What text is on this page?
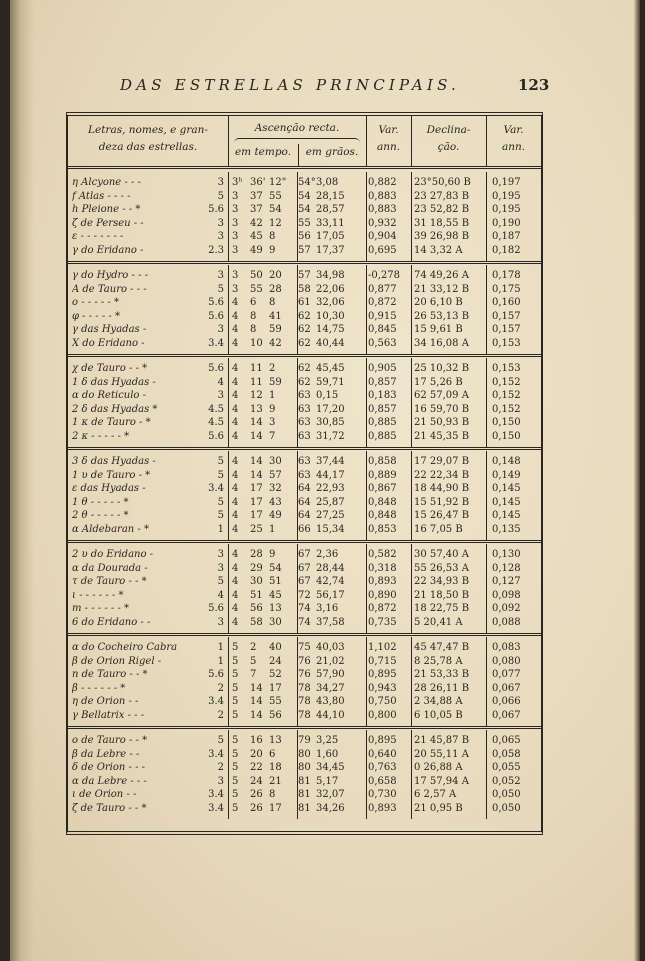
DAS ESTRELLAS PRINCIPAIS.	123
Letras, nomes, e gran-
deza das estrellas.
Ascenção recta.
em tempo.	em grãos.
Var.
ann.
Declina-
ção.
Var.
ann.
η Alcyone - - -	3 3ʰ 36' 12"	54° 3,08	0,882	23°50,60 B	0,197
f Atlas - - - -	5 3	37 55	54 28,15	0,883	23 27,83 B	0,195
h Pleione - - *	5.6 3	37 54	54 28,57	0,883	23 52,82 B	0,195
ζ de Perseu - -	3 3	42 12	55 33,11	0,932	31 18,55 B	0,190
ε - - - - - - -	3 3	45 8	56 17,05	0,904	39 26,98 B	0,187
γ do Eridano -	2.3 3	49 9	57 17,37	0,695	14 3,32 A	0,182
γ do Hydro - - -	3 3	50 20	57 34,98	-0,278	74 49,26 A	0,178
A de Tauro - - -	5 3	55 28	58 22,06	0,877	21 33,12 B	0,175
ο - - - - - *	5.6 4	6	8	61 32,06	0,872	20 6,10 B	0,160
φ - - - - - *	5.6 4	8	41	62 10,30	0,915	26 53,13 B	0,157
γ das Hyadas -	3 4	8	59	62 14,75	0,845	15 9,61 B	0,157
X do Eridano -	3.4 4	10 42	62 40,44	0,563	34 16,08 A	0,153
χ de Tauro - - *	5.6 4	11 2	62 45,45	0,905	25 10,32 B	0,153
1 δ das Hyadas -	4 4	11 59	62 59,71	0,857	17 5,26 B	0,152
α do Reticulo -	3 4	12 1	63 0,15	0,183	62 57,09 A	0,152
2 δ das Hyadas *	4.5 4	13 9	63 17,20	0,857	16 59,70 B	0,152
1 κ de Tauro - *	4.5 4	14 3	63 30,85	0,885	21 50,93 B	0,150
2 κ - - - - - *	5.6 4	14 7	63 31,72	0,885	21 45,35 B	0,150
3 δ das Hyadas -	5 4	14 30	63 37,44	0,858	17 29,07 B	0,148
1 υ de Tauro - *	5 4	14 57	63 44,17	0,889	22 22,34 B	0,149
ε das Hyadas -	3.4 4	17 32	64 22,93	0,867	18 44,90 B	0,145
1 θ - - - - - *	5 4	17 43	64 25,87	0,848	15 51,92 B	0,145
2 θ - - - - - *	5 4	17 49	64 27,25	0,848	15 26,47 B	0,145
α Aldebaran - *	1 4	25 1	66 15,34	0,853	16 7,05 B	0,135
2 υ do Eridano -	3 4	28 9	67 2,36	0,582	30 57,40 A	0,130
α da Dourada -	3 4	29 54	67 28,44	0,318	55 26,53 A	0,128
τ de Tauro - - *	5 4	30 51	67 42,74	0,893	22 34,93 B	0,127
ι - - - - - - *	4 4	51 45	72 56,17	0,890	21 18,50 B	0,098
m - - - - - - *	5.6 4	56 13	74 3,16	0,872	18 22,75 B	0,092
6 do Eridano - -	3 4	58 30	74 37,58	0,735	5 20,41 A	0,088
α do Cocheiro Cabra	1 5	2	40	75 40,03	1,102	45 47,47 B	0,083
β de Orion Rigel -	1 5	5	24	76 21,02	0,715	8 25,78 A	0,080
n de Tauro - - *	5.6 5	7	52	76 57,90	0,895	21 53,33 B	0,077
β - - - - - - *	2 5	14 17	78 34,27	0,943	28 26,11 B	0,067
η de Orion - -	3.4 5	14 55	78 43,80	0,750	2 34,88 A	0,066
γ Bellatrix - - -	2 5	14 56	78 44,10	0,800	6 10,05 B	0,067
ο de Tauro - - *	5 5	16 13	79 3,25	0,895	21 45,87 B	0,065
β da Lebre - -	3.4 5	20 6	80 1,60	0,640	20 55,11 A	0,058
δ de Orion - - -	2 5	22 18	80 34,45	0,763	0 26,88 A	0,055
α da Lebre - - -	3 5	24 21	81 5,17	0,658	17 57,94 A	0,052
ι de Orion - -	3.4 5	26 8	81 32,07	0,730	6 2,57 A	0,050
ζ de Tauro - - *	3.4 5	26 17	81 34,26	0,893	21 0,95 B	0,050
